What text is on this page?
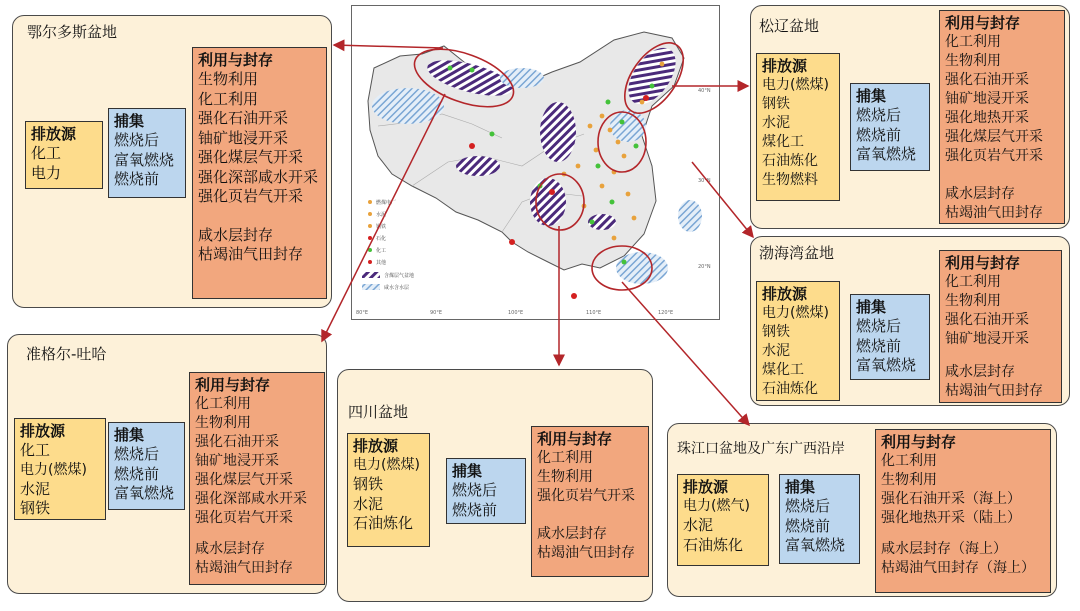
鄂尔多斯盆地
排放源
化工
电力
捕集
燃烧后
富氧燃烧
燃烧前
利用与封存
生物利用
化工利用
强化石油开采
铀矿地浸开采
强化煤层气开采
强化深部咸水开采
强化页岩气开采
咸水层封存
枯竭油气田封存
松辽盆地
排放源
电力(燃煤)
钢铁
水泥
煤化工
石油炼化
生物燃料
捕集
燃烧后
燃烧前
富氧燃烧
利用与封存
化工利用
生物利用
强化石油开采
铀矿地浸开采
强化地热开采
强化煤层气开采
强化页岩气开采
咸水层封存
枯竭油气田封存
渤海湾盆地
排放源
电力(燃煤)
钢铁
水泥
煤化工
石油炼化
捕集
燃烧后
燃烧前
富氧燃烧
利用与封存
化工利用
生物利用
强化石油开采
铀矿地浸开采
咸水层封存
枯竭油气田封存
准格尔-吐哈
排放源
化工
电力(燃煤)
水泥
钢铁
捕集
燃烧后
燃烧前
富氧燃烧
利用与封存
化工利用
生物利用
强化石油开采
铀矿地浸开采
强化煤层气开采
强化深部咸水开采
强化页岩气开采
咸水层封存
枯竭油气田封存
四川盆地
排放源
电力(燃煤)
钢铁
水泥
石油炼化
捕集
燃烧后
燃烧前
利用与封存
化工利用
生物利用
强化页岩气开采
咸水层封存
枯竭油气田封存
珠江口盆地及广东广西沿岸
排放源
电力(燃气)
水泥
石油炼化
捕集
燃烧后
燃烧前
富氧燃烧
利用与封存
化工利用
生物利用
强化石油开采（海上）
强化地热开采（陆上）
咸水层封存（海上）
枯竭油气田封存（海上）
燃煤电厂
水泥
钢铁
石化
化工
其他
含煤层气盆地
咸水含水层
40°N
30°N
20°N
80°E	90°E	100°E	110°E	120°E
